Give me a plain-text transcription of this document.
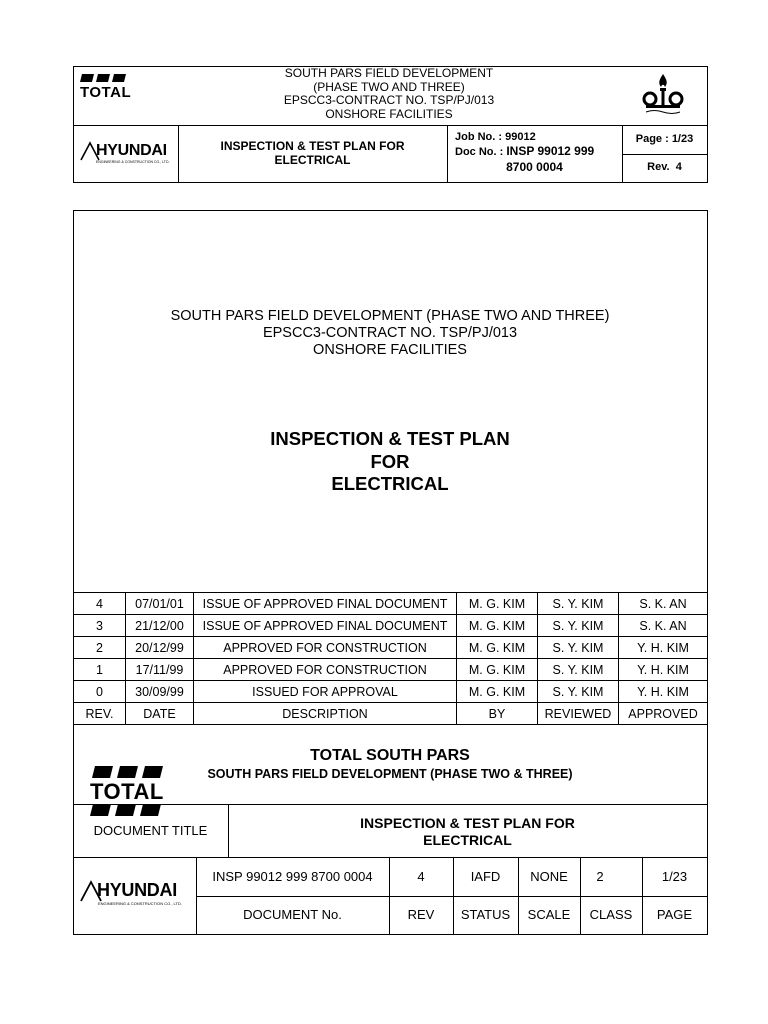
TOTAL
SOUTH PARS FIELD DEVELOPMENT
(PHASE TWO AND THREE)
EPSCC3-CONTRACT NO. TSP/PJ/013
ONSHORE FACILITIES
HYUNDAI
ENGINEERING & CONSTRUCTION CO., LTD.
INSPECTION & TEST PLAN FOR
ELECTRICAL
Job No. : 99012
Doc No. : INSP 99012 999
8700 0004
Page : 1/23
Rev.  4
SOUTH PARS FIELD DEVELOPMENT (PHASE TWO AND THREE)
EPSCC3-CONTRACT NO. TSP/PJ/013
ONSHORE FACILITIES
INSPECTION & TEST PLAN
FOR
ELECTRICAL
4	07/01/01	ISSUE OF APPROVED FINAL DOCUMENT	M. G. KIM	S. Y. KIM	S. K. AN
3	21/12/00	ISSUE OF APPROVED FINAL DOCUMENT	M. G. KIM	S. Y. KIM	S. K. AN
2	20/12/99	APPROVED FOR CONSTRUCTION	M. G. KIM	S. Y. KIM	Y. H. KIM
1	17/11/99	APPROVED FOR CONSTRUCTION	M. G. KIM	S. Y. KIM	Y. H. KIM
0	30/09/99	ISSUED FOR APPROVAL	M. G. KIM	S. Y. KIM	Y. H. KIM
REV.	DATE	DESCRIPTION	BY	REVIEWED	APPROVED
TOTAL
TOTAL SOUTH PARS
SOUTH PARS FIELD DEVELOPMENT (PHASE TWO & THREE)
DOCUMENT TITLE	INSPECTION & TEST PLAN FOR
ELECTRICAL
HYUNDAI
ENGINEERING & CONSTRUCTION CO., LTD.
INSP 99012 999 8700 0004	4	IAFD	NONE	2	1/23
DOCUMENT No.	REV	STATUS	SCALE	CLASS	PAGE
